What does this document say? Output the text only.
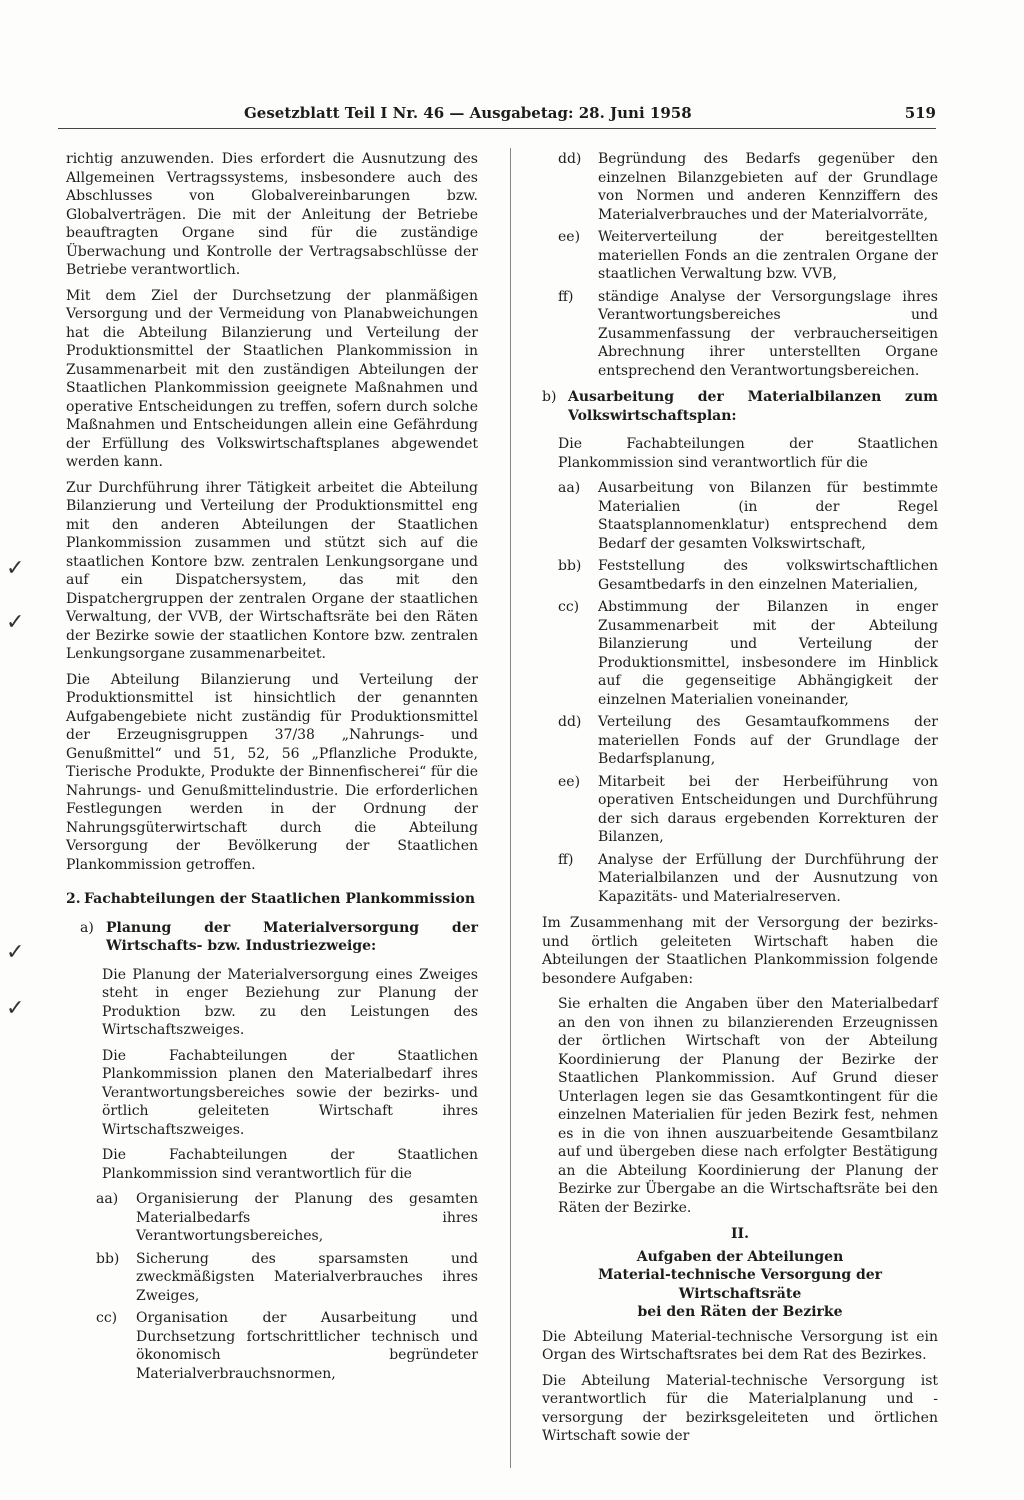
Gesetzblatt Teil I Nr. 46 — Ausgabetag: 28. Juni 1958	519
✓
✓
✓
✓

richtig anzuwenden. Dies erfordert die Ausnutzung des Allgemeinen Vertragssystems, insbesondere auch des Abschlusses von Globalvereinbarungen bzw. Globalverträgen. Die mit der Anleitung der Betriebe beauftragten Organe sind für die zuständige Überwachung und Kontrolle der Vertragsabschlüsse der Betriebe verantwortlich.

Mit dem Ziel der Durchsetzung der planmäßigen Versorgung und der Vermeidung von Planabweichungen hat die Abteilung Bilanzierung und Verteilung der Produktionsmittel der Staatlichen Plankommission in Zusammenarbeit mit den zuständigen Abteilungen der Staatlichen Plankommission geeignete Maßnahmen und operative Entscheidungen zu treffen, sofern durch solche Maßnahmen und Entscheidungen allein eine Gefährdung der Erfüllung des Volkswirtschaftsplanes abgewendet werden kann.

Zur Durchführung ihrer Tätigkeit arbeitet die Abteilung Bilanzierung und Verteilung der Produktionsmittel eng mit den anderen Abteilungen der Staatlichen Plankommission zusammen und stützt sich auf die staatlichen Kontore bzw. zentralen Lenkungsorgane und auf ein Dispatchersystem, das mit den Dispatchergruppen der zentralen Organe der staatlichen Verwaltung, der VVB, der Wirtschaftsräte bei den Räten der Bezirke sowie der staatlichen Kontore bzw. zentralen Lenkungsorgane zusammenarbeitet.

Die Abteilung Bilanzierung und Verteilung der Produktionsmittel ist hinsichtlich der genannten Aufgabengebiete nicht zuständig für Produktionsmittel der Erzeugnisgruppen 37/38 „Nahrungs- und Genußmittel“ und 51, 52, 56 „Pflanzliche Produkte, Tierische Produkte, Produkte der Binnenfischerei“ für die Nahrungs- und Genußmittelindustrie. Die erforderlichen Festlegungen werden in der Ordnung der Nahrungsgüterwirtschaft durch die Abteilung Versorgung der Bevölkerung der Staatlichen Plankommission getroffen.

2. Fachabteilungen der Staatlichen Plankommission
a) Planung der Materialversorgung der Wirtschafts- bzw. Industriezweige:

Die Planung der Materialversorgung eines Zweiges steht in enger Beziehung zur Planung der Produktion bzw. zu den Leistungen des Wirtschaftszweiges.

Die Fachabteilungen der Staatlichen Plankommission planen den Materialbedarf ihres Verantwortungsbereiches sowie der bezirks- und örtlich geleiteten Wirtschaft ihres Wirtschaftszweiges.

Die Fachabteilungen der Staatlichen Plankommission sind verantwortlich für die

aa)	Organisierung der Planung des gesamten Materialbedarfs ihres Verantwortungsbereiches,
bb)	Sicherung des sparsamsten und zweckmäßigsten Materialverbrauches ihres Zweiges,
cc)	Organisation der Ausarbeitung und Durchsetzung fortschrittlicher technisch und ökonomisch begründeter Materialverbrauchsnormen,
dd)	Begründung des Bedarfs gegenüber den einzelnen Bilanzgebieten auf der Grundlage von Normen und anderen Kennziffern des Materialverbrauches und der Materialvorräte,
ee)	Weiterverteilung der bereitgestellten materiellen Fonds an die zentralen Organe der staatlichen Verwaltung bzw. VVB,
ff)	ständige Analyse der Versorgungslage ihres Verantwortungsbereiches und Zusammenfassung der verbraucherseitigen Abrechnung ihrer unterstellten Organe entsprechend den Verantwortungsbereichen.
b) Ausarbeitung der Materialbilanzen zum Volkswirtschaftsplan:

Die Fachabteilungen der Staatlichen Plankommission sind verantwortlich für die

aa)	Ausarbeitung von Bilanzen für bestimmte Materialien (in der Regel Staatsplannomenklatur) entsprechend dem Bedarf der gesamten Volkswirtschaft,
bb)	Feststellung des volkswirtschaftlichen Gesamtbedarfs in den einzelnen Materialien,
cc)	Abstimmung der Bilanzen in enger Zusammenarbeit mit der Abteilung Bilanzierung und Verteilung der Produktionsmittel, insbesondere im Hinblick auf die gegenseitige Abhängigkeit der einzelnen Materialien voneinander,
dd)	Verteilung des Gesamtaufkommens der materiellen Fonds auf der Grundlage der Bedarfsplanung,
ee)	Mitarbeit bei der Herbeiführung von operativen Entscheidungen und Durchführung der sich daraus ergebenden Korrekturen der Bilanzen,
ff)	Analyse der Erfüllung der Durchführung der Materialbilanzen und der Ausnutzung von Kapazitäts- und Materialreserven.

Im Zusammenhang mit der Versorgung der bezirks- und örtlich geleiteten Wirtschaft haben die Abteilungen der Staatlichen Plankommission folgende besondere Aufgaben:

Sie erhalten die Angaben über den Materialbedarf an den von ihnen zu bilanzierenden Erzeugnissen der örtlichen Wirtschaft von der Abteilung Koordinierung der Planung der Bezirke der Staatlichen Plankommission. Auf Grund dieser Unterlagen legen sie das Gesamtkontingent für die einzelnen Materialien für jeden Bezirk fest, nehmen es in die von ihnen auszuarbeitende Gesamtbilanz auf und übergeben diese nach erfolgter Bestätigung an die Abteilung Koordinierung der Planung der Bezirke zur Übergabe an die Wirtschaftsräte bei den Räten der Bezirke.

II.
Aufgaben der Abteilungen
Material-technische Versorgung der Wirtschaftsräte
bei den Räten der Bezirke

Die Abteilung Material-technische Versorgung ist ein Organ des Wirtschaftsrates bei dem Rat des Bezirkes.

Die Abteilung Material-technische Versorgung ist verantwortlich für die Materialplanung und -versorgung der bezirksgeleiteten und örtlichen Wirtschaft sowie der
